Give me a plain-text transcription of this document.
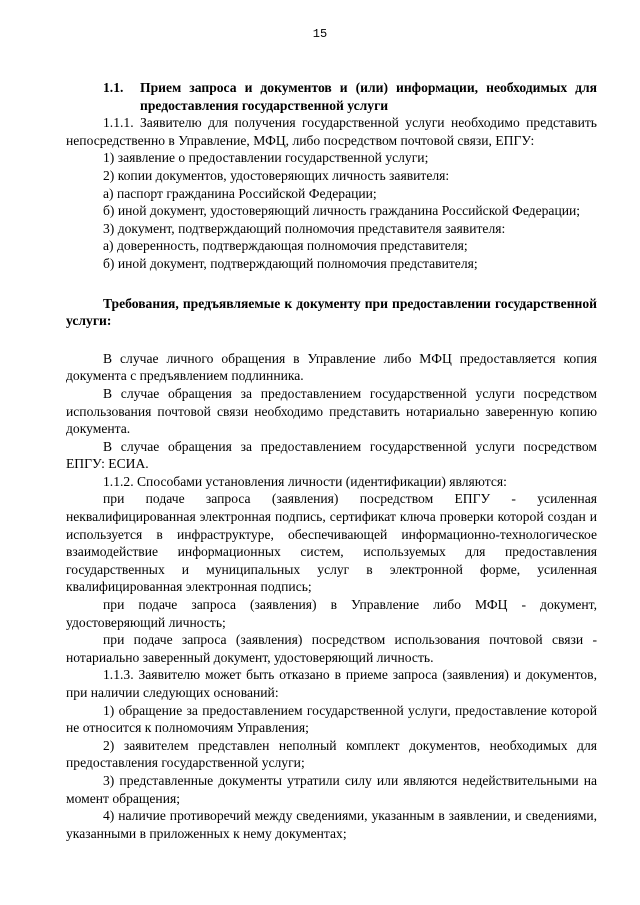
15
1.1.	Прием запроса и документов и (или) информации, необходимых для предоставления государственной услуги

1.1.1. Заявителю для получения государственной услуги необходимо представить непосредственно в Управление, МФЦ, либо посредством почтовой связи, ЕПГУ:

1) заявление о предоставлении государственной услуги;

2) копии документов, удостоверяющих личность заявителя:

а) паспорт гражданина Российской Федерации;

б) иной документ, удостоверяющий личность гражданина Российской Федерации;

3) документ, подтверждающий полномочия представителя заявителя:

а) доверенность, подтверждающая полномочия представителя;

б) иной документ, подтверждающий полномочия представителя;

Требования, предъявляемые к документу при предоставлении государственной услуги:

В случае личного обращения в Управление либо МФЦ предоставляется копия документа с предъявлением подлинника.

В случае обращения за предоставлением государственной услуги посредством использования почтовой связи необходимо представить нотариально заверенную копию документа.

В случае обращения за предоставлением государственной услуги посредством ЕПГУ: ЕСИА.

1.1.2. Способами установления личности (идентификации) являются:

при подаче запроса (заявления) посредством ЕПГУ - усиленная неквалифицированная электронная подпись, сертификат ключа проверки которой создан и используется в инфраструктуре, обеспечивающей информационно-технологическое взаимодействие информационных систем, используемых для предоставления государственных и муниципальных услуг в электронной форме, усиленная квалифицированная электронная подпись;

при подаче запроса (заявления) в Управление либо МФЦ - документ, удостоверяющий личность;

при подаче запроса (заявления) посредством использования почтовой связи - нотариально заверенный документ, удостоверяющий личность.

1.1.3. Заявителю может быть отказано в приеме запроса (заявления) и документов, при наличии следующих оснований:

1) обращение за предоставлением государственной услуги, предоставление которой не относится к полномочиям Управления;

2) заявителем представлен неполный комплект документов, необходимых для предоставления государственной услуги;

3) представленные документы утратили силу или являются недействительными на момент обращения;

4) наличие противоречий между сведениями, указанным в заявлении, и сведениями, указанными в приложенных к нему документах;
